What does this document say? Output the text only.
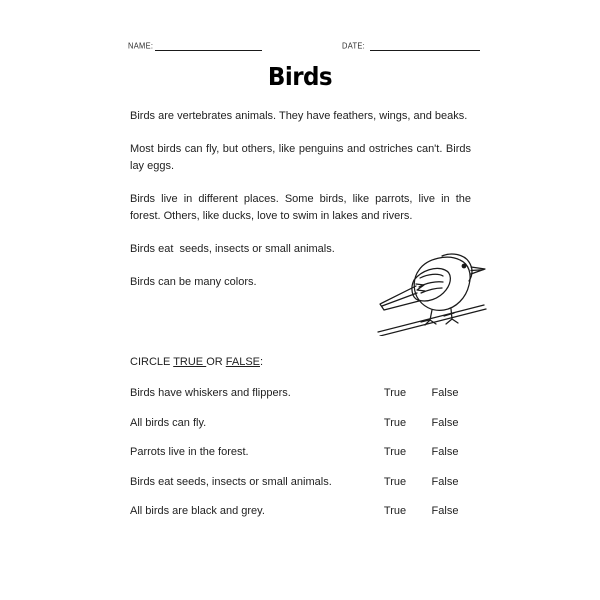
NAME:	DATE:
Birds

Birds are vertebrates animals. They have feathers, wings, and beaks.

Most birds can fly, but others, like penguins and ostriches can't. Birds lay eggs.

Birds live in different places. Some birds, like parrots, live in the forest. Others, like ducks, love to swim in lakes and rivers.

Birds eat  seeds, insects or small animals.

Birds can be many colors.

CIRCLE TRUE OR FALSE:
Birds have whiskers and flippers.	True	False
All birds can fly.	True	False
Parrots live in the forest.	True	False
Birds eat seeds, insects or small animals.	True	False
All birds are black and grey.	True	False
